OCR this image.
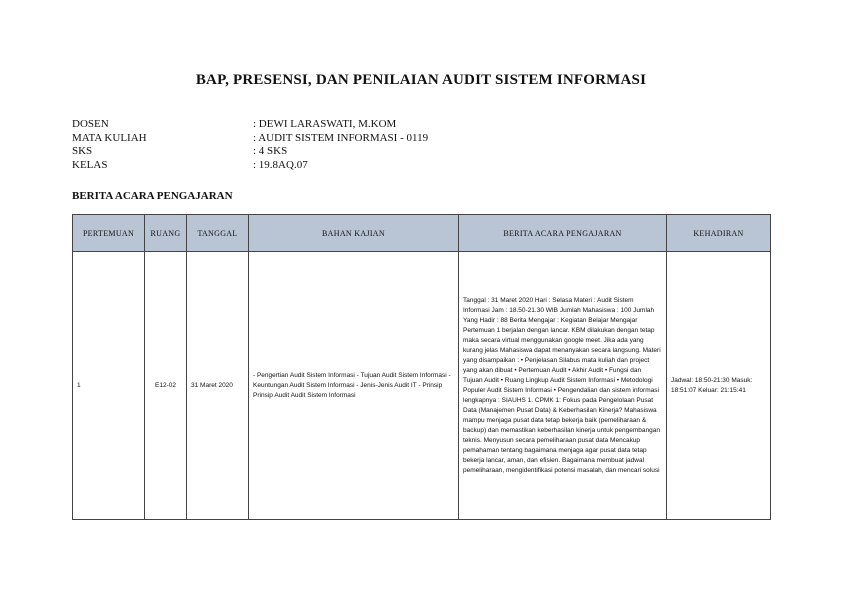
BAP, PRESENSI, DAN PENILAIAN AUDIT SISTEM INFORMASI
DOSEN	: DEWI LARASWATI, M.KOM
MATA KULIAH	: AUDIT SISTEM INFORMASI - 0119
SKS	: 4 SKS
KELAS	: 19.8AQ.07
BERITA ACARA PENGAJARAN
PERTEMUAN	RUANG	TANGGAL	BAHAN KAJIAN	BERITA ACARA PENGAJARAN	KEHADIRAN
1	E12-02	31 Maret 2020	- Pengertian Audit Sistem Informasi - Tujuan Audit Sistem Informasi - Keuntungan Audit Sistem Informasi - Jenis-Jenis Audit IT - Prinsip Prinsip Audit Audit Sistem Informasi	Tanggal : 31 Maret 2020 Hari : Selasa Materi : Audit Sistem Informasi Jam : 18.50-21.30 WIB Jumlah Mahasiswa : 100 Jumlah Yang Hadir : 88 Berita Mengajar : Kegiatan Belajar Mengajar Pertemuan 1 berjalan dengan lancar. KBM dilakukan dengan tetap maka secara virtual menggunakan google meet. Jika ada yang kurang jelas Mahasiswa dapat menanyakan secara langsung. Materi yang disampaikan : • Penjelasan Silabus mata kuliah dan project yang akan dibuat • Pertemuan Audit • Akhir Audit • Fungsi dan Tujuan Audit • Ruang Lingkup Audit Sistem Informasi • Metodologi Populer Audit Sistem Informasi • Pengendalian dan sistem informasi lengkapnya : SIAUHS 1. CPMK 1: Fokus pada Pengelolaan Pusat Data (Manajemen Pusat Data) & Keberhasilan Kinerja? Mahasiswa mampu menjaga pusat data tetap bekerja baik (pemeliharaan & backup) dan memastikan keberhasilan kinerja untuk pengembangan teknis. Menyusun secara pemeliharaan pusat data Mencakup pemahaman tentang bagaimana menjaga agar pusat data tetap bekerja lancar, aman, dan efisien. Bagaimana membuat jadwal pemeliharaan, mengidentifikasi potensi masalah, dan mencari solusi	Jadwal: 18:50-21:30 Masuk: 18:51:07 Keluar: 21:15:41
